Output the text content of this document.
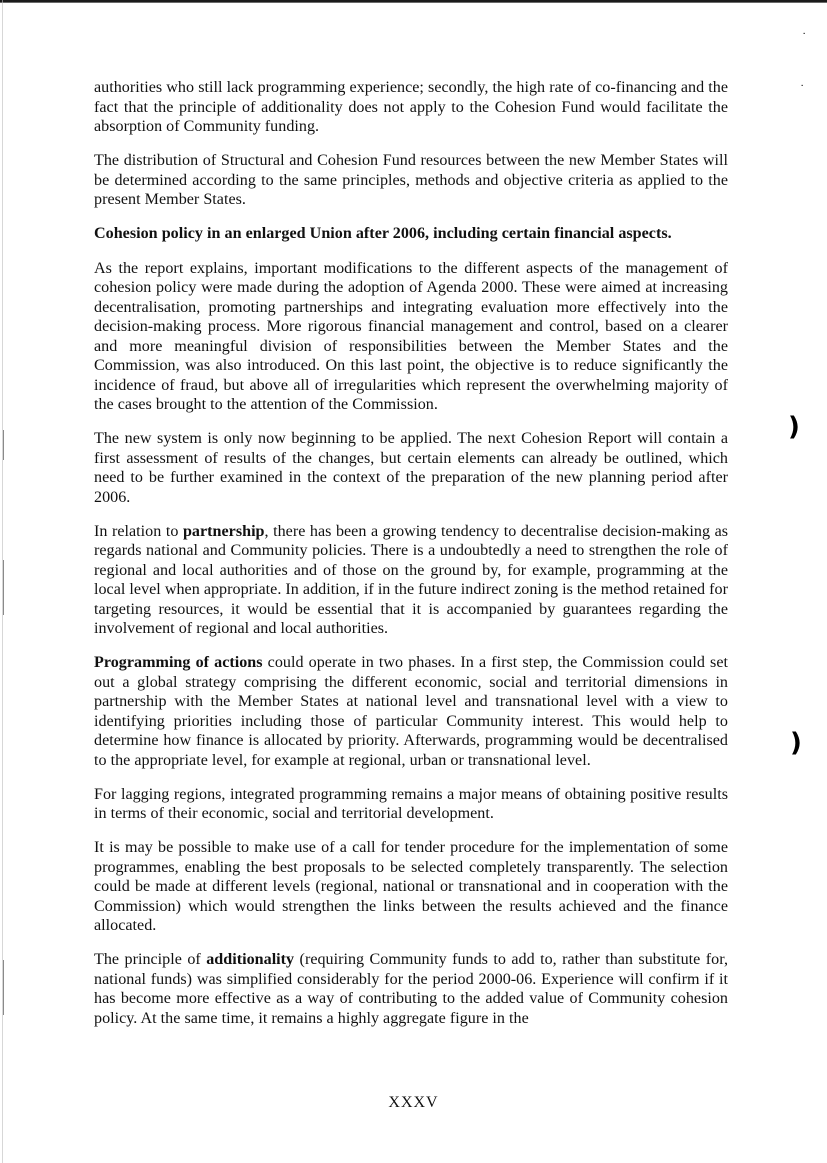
authorities who still lack programming experience; secondly, the high rate of co-financing and the fact that the principle of additionality does not apply to the Cohesion Fund would facilitate the absorption of Community funding.

The distribution of Structural and Cohesion Fund resources between the new Member States will be determined according to the same principles, methods and objective criteria as applied to the present Member States.

Cohesion policy in an enlarged Union after 2006, including certain financial aspects.

As the report explains, important modifications to the different aspects of the management of cohesion policy were made during the adoption of Agenda 2000. These were aimed at increasing decentralisation, promoting partnerships and integrating evaluation more effectively into the decision-making process. More rigorous financial management and control, based on a clearer and more meaningful division of responsibilities between the Member States and the Commission, was also introduced. On this last point, the objective is to reduce significantly the incidence of fraud, but above all of irregularities which represent the overwhelming majority of the cases brought to the attention of the Commission.

The new system is only now beginning to be applied. The next Cohesion Report will contain a first assessment of results of the changes, but certain elements can already be outlined, which need to be further examined in the context of the preparation of the new planning period after 2006.

In relation to partnership, there has been a growing tendency to decentralise decision-making as regards national and Community policies. There is a undoubtedly a need to strengthen the role of regional and local authorities and of those on the ground by, for example, programming at the local level when appropriate. In addition, if in the future indirect zoning is the method retained for targeting resources, it would be essential that it is accompanied by guarantees regarding the involvement of regional and local authorities.

Programming of actions could operate in two phases. In a first step, the Commission could set out a global strategy comprising the different economic, social and territorial dimensions in partnership with the Member States at national level and transnational level with a view to identifying priorities including those of particular Community interest. This would help to determine how finance is allocated by priority. Afterwards, programming would be decentralised to the appropriate level, for example at regional, urban or transnational level.

For lagging regions, integrated programming remains a major means of obtaining positive results in terms of their economic, social and territorial development.

It is may be possible to make use of a call for tender procedure for the implementation of some programmes, enabling the best proposals to be selected completely transparently. The selection could be made at different levels (regional, national or transnational and in cooperation with the Commission) which would strengthen the links between the results achieved and the finance allocated.

The principle of additionality (requiring Community funds to add to, rather than substitute for, national funds) was simplified considerably for the period 2000-06. Experience will confirm if it has become more effective as a way of contributing to the added value of Community cohesion policy. At the same time, it remains a highly aggregate figure in the

XXXV
)
)
.
.
